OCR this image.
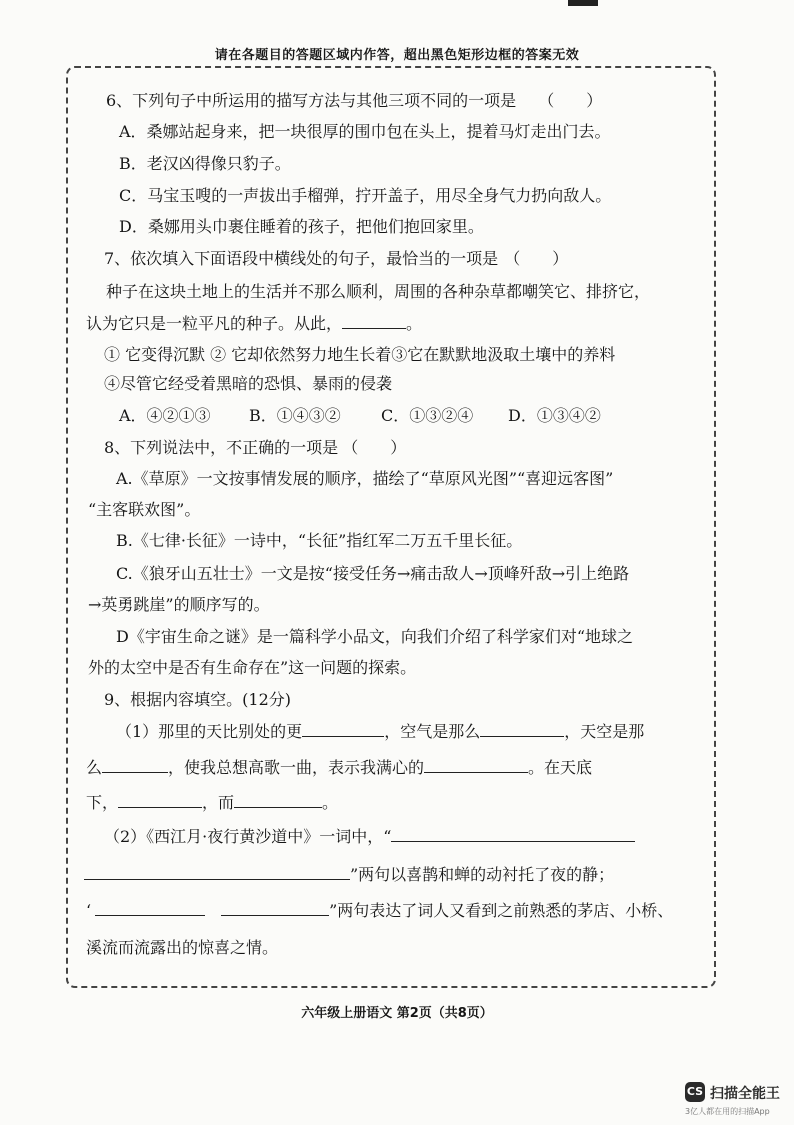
请在各题目的答题区域内作答，超出黑色矩形边框的答案无效
6、下列句子中所运用的描写方法与其他三项不同的一项是 （　　）
A．桑娜站起身来，把一块很厚的围巾包在头上，提着马灯走出门去。
B．老汉凶得像只豹子。
C．马宝玉嗖的一声拔出手榴弹，拧开盖子，用尽全身气力扔向敌人。
D．桑娜用头巾裹住睡着的孩子，把他们抱回家里。
7、依次填入下面语段中横线处的句子，最恰当的一项是 （　　）
种子在这块土地上的生活并不那么顺利，周围的各种杂草都嘲笑它、排挤它，
认为它只是一粒平凡的种子。从此，	。
① 它变得沉默 ② 它却依然努力地生长着③它在默默地汲取土壤中的养料
④尽管它经受着黑暗的恐惧、暴雨的侵袭
A．④②①③ B．①④③②	C．①③②④ D．①③④②
8、下列说法中，不正确的一项是 （　　）
A.《草原》一文按事情发展的顺序，描绘了“草原风光图”“喜迎远客图”
“主客联欢图”。
B.《七律·长征》一诗中，“长征”指红军二万五千里长征。
C.《狼牙山五壮士》一文是按“接受任务→痛击敌人→顶峰歼敌→引上绝路
→英勇跳崖”的顺序写的。
D《宇宙生命之谜》是一篇科学小品文，向我们介绍了科学家们对“地球之
外的太空中是否有生命存在”这一问题的探索。
9、根据内容填空。(12分)
（1）那里的天比别处的更	，空气是那么	，天空是那
么	，使我总想高歌一曲，表示我满心的	。在天底
下，	，而	。
（2）《西江月·夜行黄沙道中》一词中，“
”两句以喜鹊和蝉的动衬托了夜的静；
‘	”两句表达了词人又看到之前熟悉的茅店、小桥、
溪流而流露出的惊喜之情。
六年级上册语文 第2页（共8页）
CS 扫描全能王
3亿人都在用的扫描App
